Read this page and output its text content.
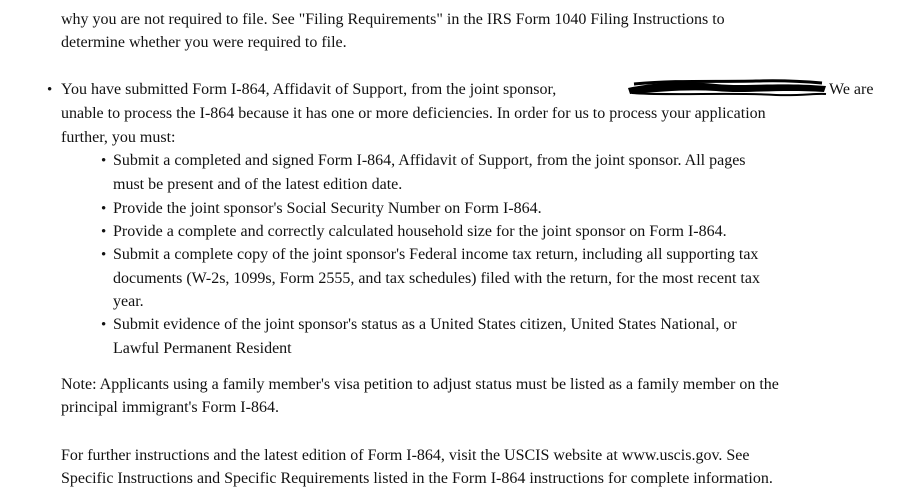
why you are not required to file. See "Filing Requirements" in the IRS Form 1040 Filing Instructions to
determine whether you were required to file.
• You have submitted Form I-864, Affidavit of Support, from the joint sponsor,	We are
unable to process the I-864 because it has one or more deficiencies. In order for us to process your application
further, you must:
• Submit a completed and signed Form I-864, Affidavit of Support, from the joint sponsor. All pages
must be present and of the latest edition date.
• Provide the joint sponsor's Social Security Number on Form I-864.
• Provide a complete and correctly calculated household size for the joint sponsor on Form I-864.
• Submit a complete copy of the joint sponsor's Federal income tax return, including all supporting tax
documents (W-2s, 1099s, Form 2555, and tax schedules) filed with the return, for the most recent tax
year.
• Submit evidence of the joint sponsor's status as a United States citizen, United States National, or
Lawful Permanent Resident
Note: Applicants using a family member's visa petition to adjust status must be listed as a family member on the
principal immigrant's Form I-864.
For further instructions and the latest edition of Form I-864, visit the USCIS website at www.uscis.gov. See
Specific Instructions and Specific Requirements listed in the Form I-864 instructions for complete information.
